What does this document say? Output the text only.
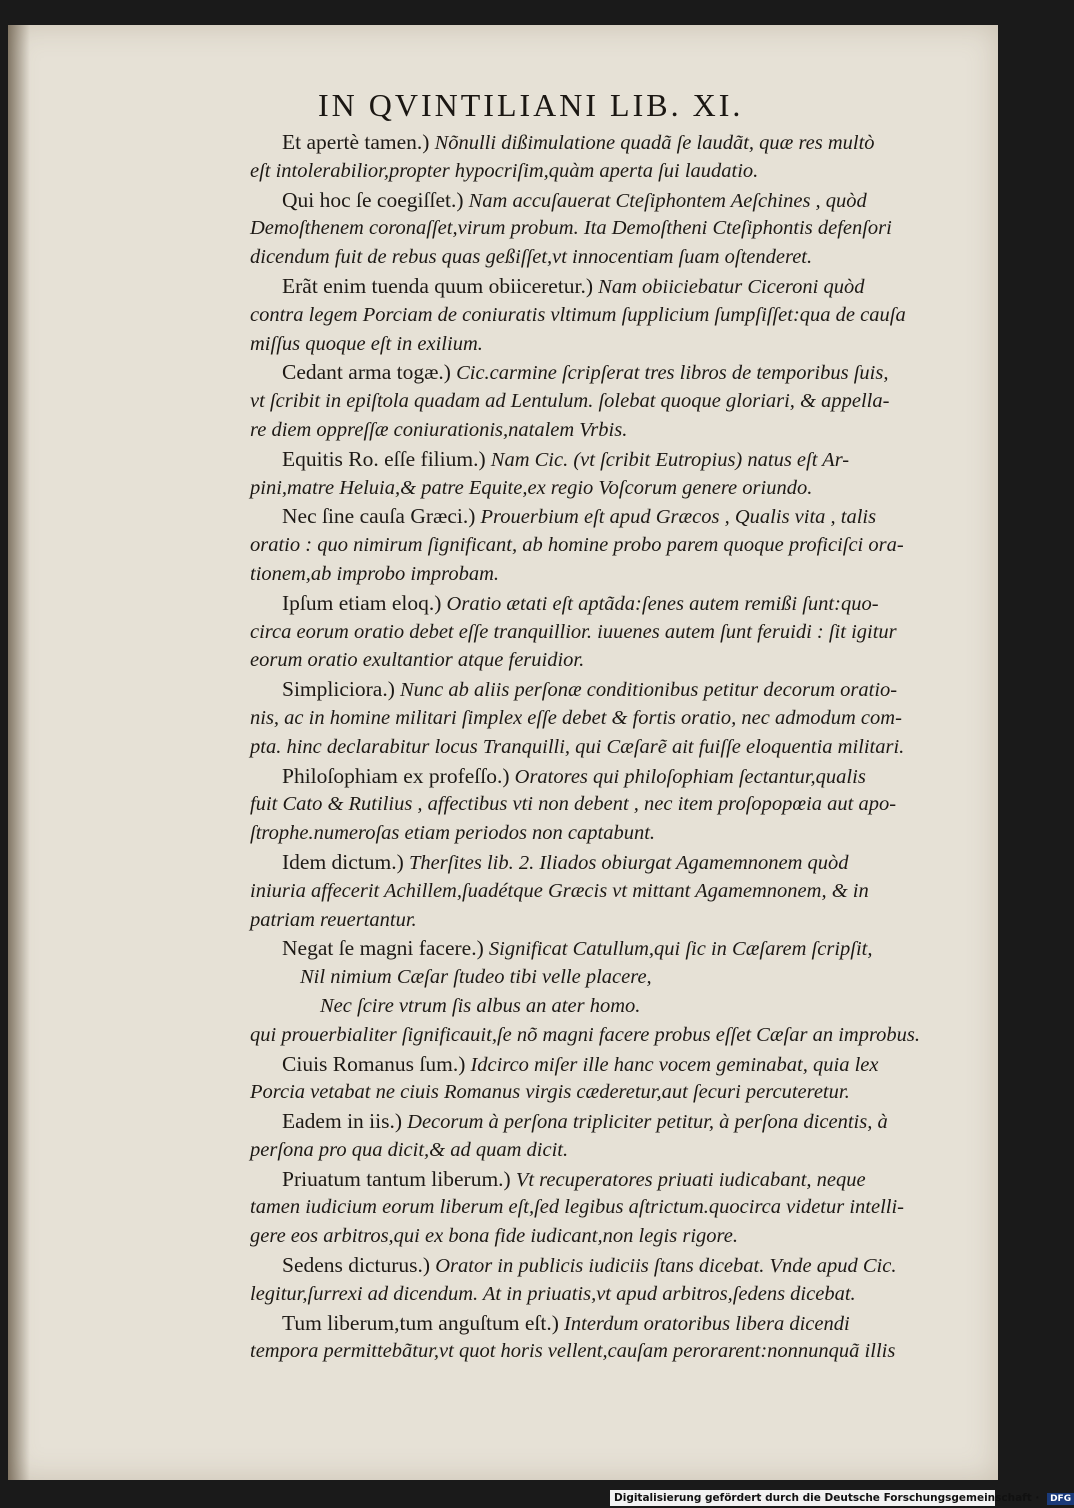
IN QVINTILIANI LIB. XI.
Et apertè tamen.) Nõnulli dißimulatione quadã ſe laudãt, quæ res multò
eſt intolerabilior,propter hypocriſim,quàm aperta ſui laudatio.
Qui hoc ſe coegiſſet.) Nam accuſauerat Cteſiphontem Aeſchines , quòd
Demoſthenem coronaſſet,virum probum. Ita Demoſtheni Cteſiphontis defenſori
dicendum fuit de rebus quas geßiſſet,vt innocentiam ſuam oſtenderet.
Erãt enim tuenda quum obiiceretur.) Nam obiiciebatur Ciceroni quòd
contra legem Porciam de coniuratis vltimum ſupplicium ſumpſiſſet:qua de cauſa
miſſus quoque eſt in exilium.
Cedant arma togæ.) Cic.carmine ſcripſerat tres libros de temporibus ſuis,
vt ſcribit in epiſtola quadam ad Lentulum. ſolebat quoque gloriari, & appella-
re diem oppreſſæ coniurationis,natalem Vrbis.
Equitis Ro. eſſe filium.) Nam Cic. (vt ſcribit Eutropius) natus eſt Ar-
pini,matre Heluia,& patre Equite,ex regio Voſcorum genere oriundo.
Nec ſine cauſa Græci.) Prouerbium eſt apud Græcos , Qualis vita , talis
oratio : quo nimirum ſignificant, ab homine probo parem quoque proficiſci ora-
tionem,ab improbo improbam.
Ipſum etiam eloq.) Oratio ætati eſt aptãda:ſenes autem remißi ſunt:quo-
circa eorum oratio debet eſſe tranquillior. iuuenes autem ſunt feruidi : ſit igitur
eorum oratio exultantior atque feruidior.
Simpliciora.) Nunc ab aliis perſonæ conditionibus petitur decorum oratio-
nis, ac in homine militari ſimplex eſſe debet & fortis oratio, nec admodum com-
pta. hinc declarabitur locus Tranquilli, qui Cæſarẽ ait fuiſſe eloquentia militari.
Philoſophiam ex profeſſo.) Oratores qui philoſophiam ſectantur,qualis
fuit Cato & Rutilius , affectibus vti non debent , nec item proſopopœia aut apo-
ſtrophe.numeroſas etiam periodos non captabunt.
Idem dictum.) Therſites lib. 2. Iliados obiurgat Agamemnonem quòd
iniuria affecerit Achillem,ſuadétque Græcis vt mittant Agamemnonem, & in
patriam reuertantur.
Negat ſe magni facere.) Significat Catullum,qui ſic in Cæſarem ſcripſit,
Nil nimium Cæſar ſtudeo tibi velle placere,
Nec ſcire vtrum ſis albus an ater homo.
qui prouerbialiter ſignificauit,ſe nõ magni facere probus eſſet Cæſar an improbus.
Ciuis Romanus ſum.) Idcirco miſer ille hanc vocem geminabat, quia lex
Porcia vetabat ne ciuis Romanus virgis cæderetur,aut ſecuri percuteretur.
Eadem in iis.) Decorum à perſona tripliciter petitur, à perſona dicentis, à
perſona pro qua dicit,& ad quam dicit.
Priuatum tantum liberum.) Vt recuperatores priuati iudicabant, neque
tamen iudicium eorum liberum eſt,ſed legibus aſtrictum.quocirca videtur intelli-
gere eos arbitros,qui ex bona fide iudicant,non legis rigore.
Sedens dicturus.) Orator in publicis iudiciis ſtans dicebat. Vnde apud Cic.
legitur,ſurrexi ad dicendum. At in priuatis,vt apud arbitros,ſedens dicebat.
Tum liberum,tum anguſtum eſt.) Interdum oratoribus libera dicendi
tempora permittebãtur,vt quot horis vellent,cauſam perorarent:nonnunquã illis
Digitalisierung gefördert durch die Deutsche Forschungsgemeinschaft · DFG
